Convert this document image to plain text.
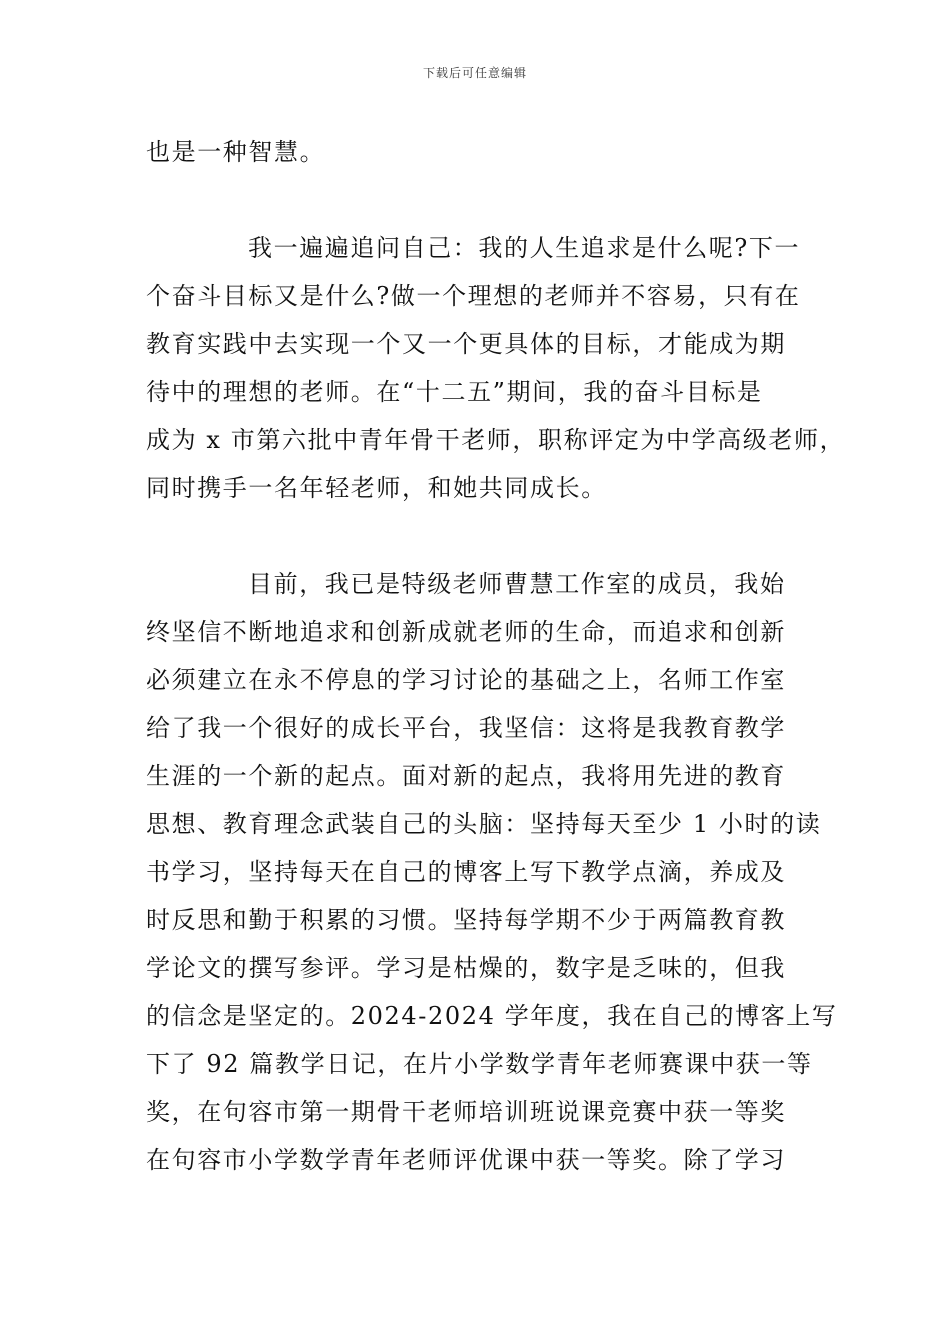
下载后可任意编辑
也是一种智慧。
我一遍遍追问自己：我的人生追求是什么呢?下一
个奋斗目标又是什么?做一个理想的老师并不容易，只有在
教育实践中去实现一个又一个更具体的目标，才能成为期
待中的理想的老师。在“十二五”期间，我的奋斗目标是
成为 x 市第六批中青年骨干老师，职称评定为中学高级老师，
同时携手一名年轻老师，和她共同成长。
目前，我已是特级老师曹慧工作室的成员，我始
终坚信不断地追求和创新成就老师的生命，而追求和创新
必须建立在永不停息的学习讨论的基础之上，名师工作室
给了我一个很好的成长平台，我坚信：这将是我教育教学
生涯的一个新的起点。面对新的起点，我将用先进的教育
思想、教育理念武装自己的头脑：坚持每天至少 1 小时的读
书学习，坚持每天在自己的博客上写下教学点滴，养成及
时反思和勤于积累的习惯。坚持每学期不少于两篇教育教
学论文的撰写参评。学习是枯燥的，数字是乏味的，但我
的信念是坚定的。2024-2024 学年度，我在自己的博客上写
下了 92 篇教学日记，在片小学数学青年老师赛课中获一等
奖，在句容市第一期骨干老师培训班说课竞赛中获一等奖
在句容市小学数学青年老师评优课中获一等奖。除了学习
